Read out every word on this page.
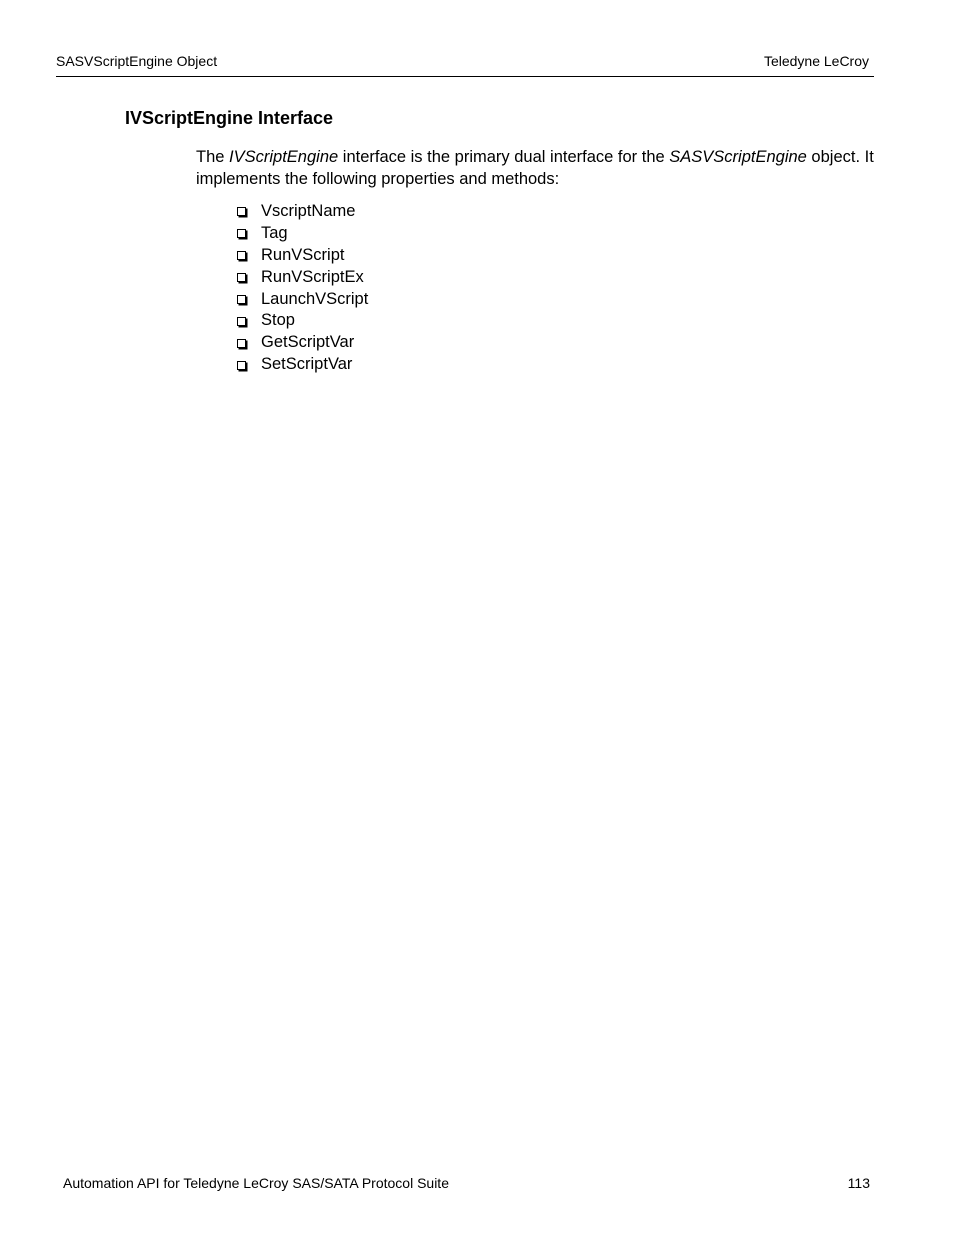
SASVScriptEngine Object	Teledyne LeCroy
IVScriptEngine Interface

The IVScriptEngine interface is the primary dual interface for the SASVScriptEngine object. It implements the following properties and methods:

VscriptName
Tag
RunVScript
RunVScriptEx
LaunchVScript
Stop
GetScriptVar
SetScriptVar
Automation API for Teledyne LeCroy SAS/SATA Protocol Suite	113
